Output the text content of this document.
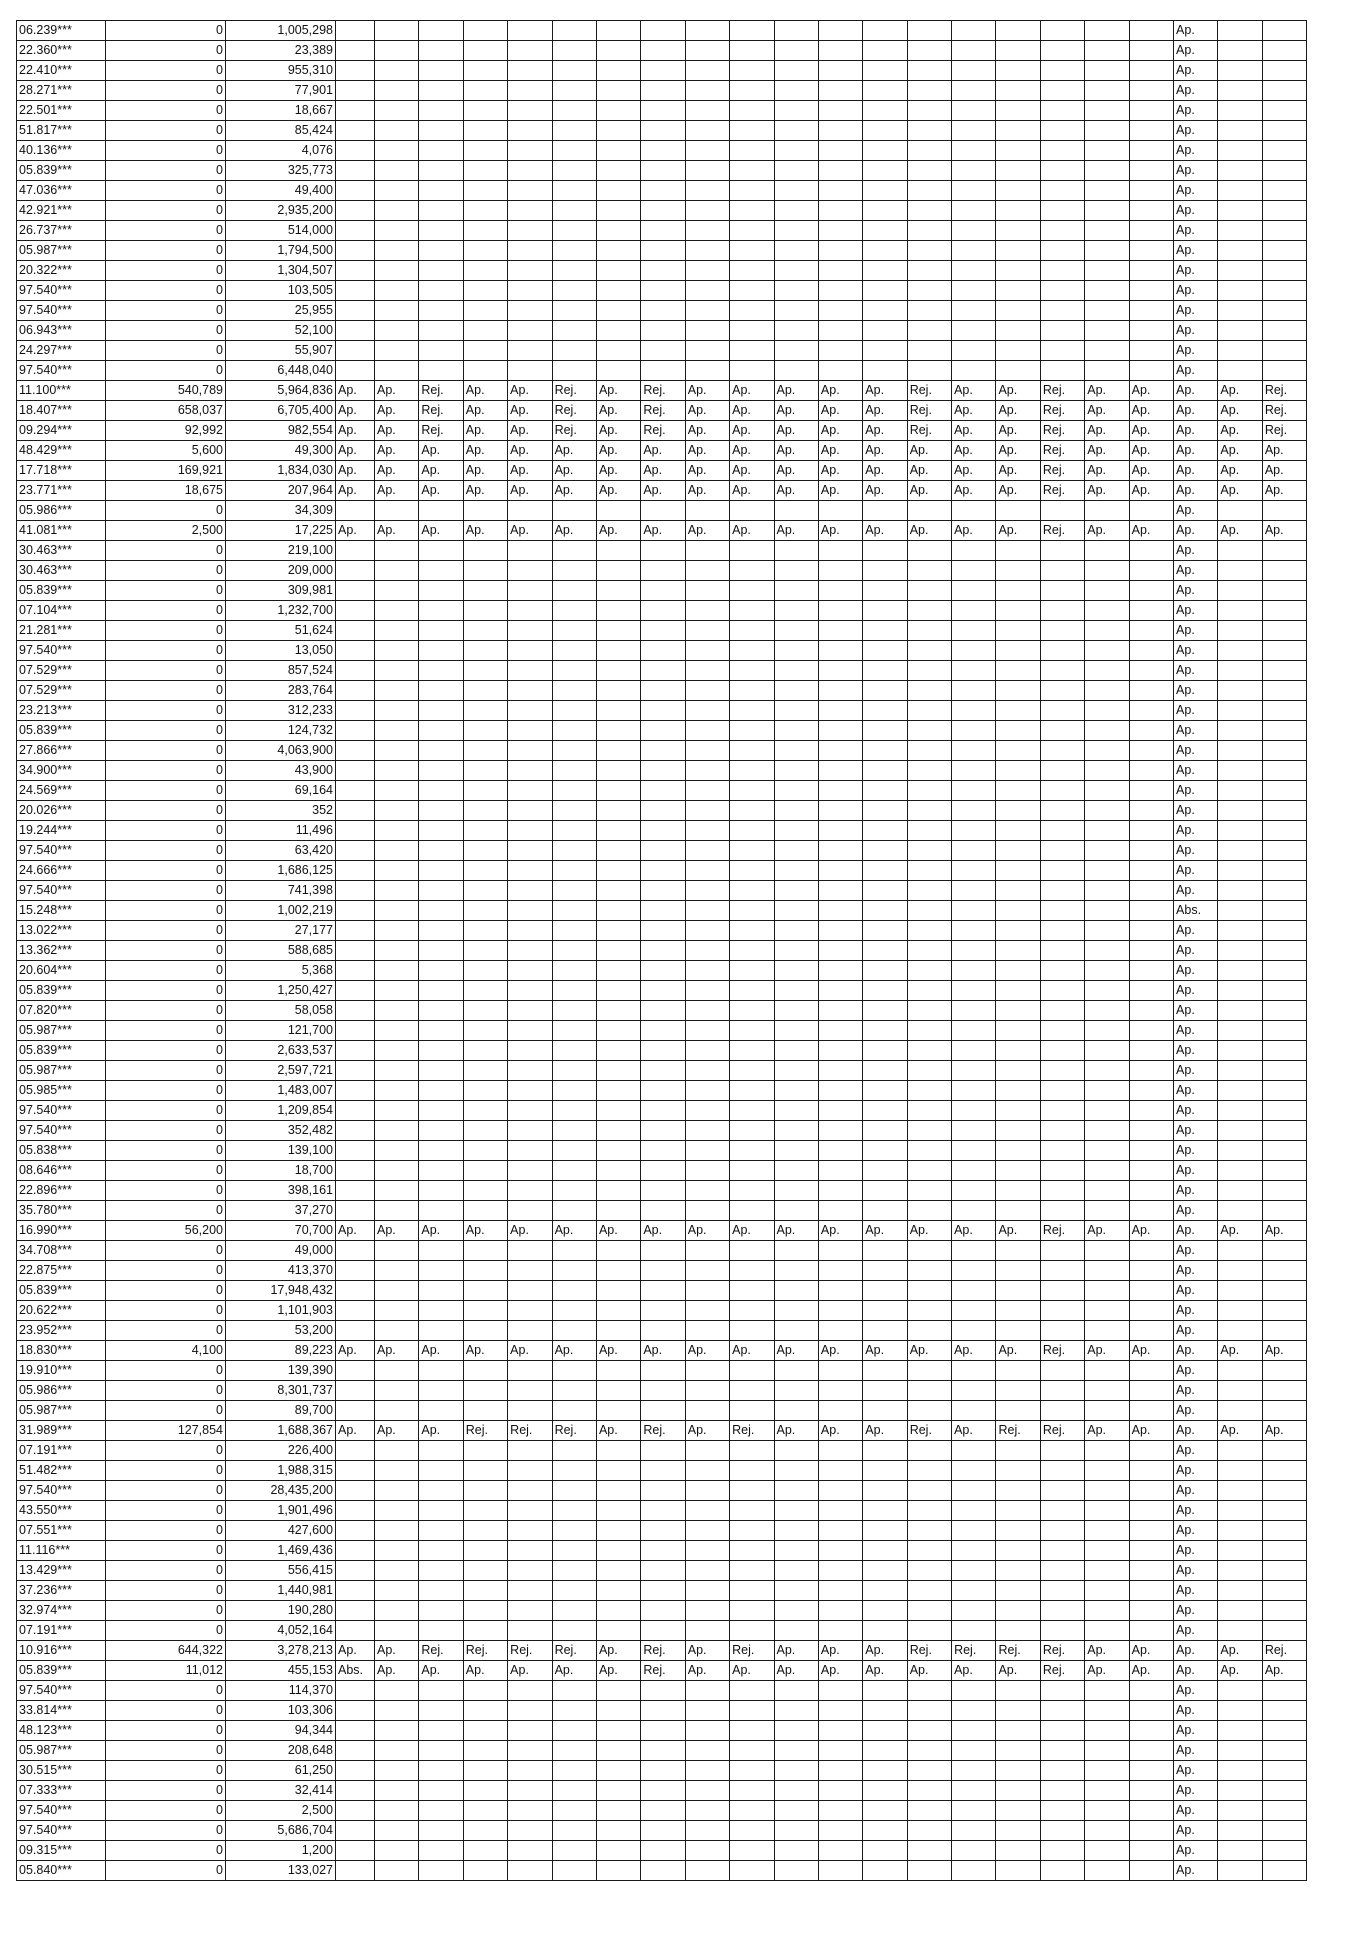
06.239***	0	1,005,298																				Ap.		
22.360***	0	23,389																				Ap.		
22.410***	0	955,310																				Ap.		
28.271***	0	77,901																				Ap.		
22.501***	0	18,667																				Ap.		
51.817***	0	85,424																				Ap.		
40.136***	0	4,076																				Ap.		
05.839***	0	325,773																				Ap.		
47.036***	0	49,400																				Ap.		
42.921***	0	2,935,200																				Ap.		
26.737***	0	514,000																				Ap.		
05.987***	0	1,794,500																				Ap.		
20.322***	0	1,304,507																				Ap.		
97.540***	0	103,505																				Ap.		
97.540***	0	25,955																				Ap.		
06.943***	0	52,100																				Ap.		
24.297***	0	55,907																				Ap.		
97.540***	0	6,448,040																				Ap.		
11.100***	540,789	5,964,836	Ap.	Ap.	Rej.	Ap.	Ap.	Rej.	Ap.	Rej.	Ap.	Ap.	Ap.	Ap.	Ap.	Rej.	Ap.	Ap.	Rej.	Ap.	Ap.	Ap.	Ap.	Rej.
18.407***	658,037	6,705,400	Ap.	Ap.	Rej.	Ap.	Ap.	Rej.	Ap.	Rej.	Ap.	Ap.	Ap.	Ap.	Ap.	Rej.	Ap.	Ap.	Rej.	Ap.	Ap.	Ap.	Ap.	Rej.
09.294***	92,992	982,554	Ap.	Ap.	Rej.	Ap.	Ap.	Rej.	Ap.	Rej.	Ap.	Ap.	Ap.	Ap.	Ap.	Rej.	Ap.	Ap.	Rej.	Ap.	Ap.	Ap.	Ap.	Rej.
48.429***	5,600	49,300	Ap.	Ap.	Ap.	Ap.	Ap.	Ap.	Ap.	Ap.	Ap.	Ap.	Ap.	Ap.	Ap.	Ap.	Ap.	Ap.	Rej.	Ap.	Ap.	Ap.	Ap.	Ap.
17.718***	169,921	1,834,030	Ap.	Ap.	Ap.	Ap.	Ap.	Ap.	Ap.	Ap.	Ap.	Ap.	Ap.	Ap.	Ap.	Ap.	Ap.	Ap.	Rej.	Ap.	Ap.	Ap.	Ap.	Ap.
23.771***	18,675	207,964	Ap.	Ap.	Ap.	Ap.	Ap.	Ap.	Ap.	Ap.	Ap.	Ap.	Ap.	Ap.	Ap.	Ap.	Ap.	Ap.	Rej.	Ap.	Ap.	Ap.	Ap.	Ap.
05.986***	0	34,309																				Ap.		
41.081***	2,500	17,225	Ap.	Ap.	Ap.	Ap.	Ap.	Ap.	Ap.	Ap.	Ap.	Ap.	Ap.	Ap.	Ap.	Ap.	Ap.	Ap.	Rej.	Ap.	Ap.	Ap.	Ap.	Ap.
30.463***	0	219,100																				Ap.		
30.463***	0	209,000																				Ap.		
05.839***	0	309,981																				Ap.		
07.104***	0	1,232,700																				Ap.		
21.281***	0	51,624																				Ap.		
97.540***	0	13,050																				Ap.		
07.529***	0	857,524																				Ap.		
07.529***	0	283,764																				Ap.		
23.213***	0	312,233																				Ap.		
05.839***	0	124,732																				Ap.		
27.866***	0	4,063,900																				Ap.		
34.900***	0	43,900																				Ap.		
24.569***	0	69,164																				Ap.		
20.026***	0	352																				Ap.		
19.244***	0	11,496																				Ap.		
97.540***	0	63,420																				Ap.		
24.666***	0	1,686,125																				Ap.		
97.540***	0	741,398																				Ap.		
15.248***	0	1,002,219																				Abs.		
13.022***	0	27,177																				Ap.		
13.362***	0	588,685																				Ap.		
20.604***	0	5,368																				Ap.		
05.839***	0	1,250,427																				Ap.		
07.820***	0	58,058																				Ap.		
05.987***	0	121,700																				Ap.		
05.839***	0	2,633,537																				Ap.		
05.987***	0	2,597,721																				Ap.		
05.985***	0	1,483,007																				Ap.		
97.540***	0	1,209,854																				Ap.		
97.540***	0	352,482																				Ap.		
05.838***	0	139,100																				Ap.		
08.646***	0	18,700																				Ap.		
22.896***	0	398,161																				Ap.		
35.780***	0	37,270																				Ap.		
16.990***	56,200	70,700	Ap.	Ap.	Ap.	Ap.	Ap.	Ap.	Ap.	Ap.	Ap.	Ap.	Ap.	Ap.	Ap.	Ap.	Ap.	Ap.	Rej.	Ap.	Ap.	Ap.	Ap.	Ap.
34.708***	0	49,000																				Ap.		
22.875***	0	413,370																				Ap.		
05.839***	0	17,948,432																				Ap.		
20.622***	0	1,101,903																				Ap.		
23.952***	0	53,200																				Ap.		
18.830***	4,100	89,223	Ap.	Ap.	Ap.	Ap.	Ap.	Ap.	Ap.	Ap.	Ap.	Ap.	Ap.	Ap.	Ap.	Ap.	Ap.	Ap.	Rej.	Ap.	Ap.	Ap.	Ap.	Ap.
19.910***	0	139,390																				Ap.		
05.986***	0	8,301,737																				Ap.		
05.987***	0	89,700																				Ap.		
31.989***	127,854	1,688,367	Ap.	Ap.	Ap.	Rej.	Rej.	Rej.	Ap.	Rej.	Ap.	Rej.	Ap.	Ap.	Ap.	Rej.	Ap.	Rej.	Rej.	Ap.	Ap.	Ap.	Ap.	Ap.
07.191***	0	226,400																				Ap.		
51.482***	0	1,988,315																				Ap.		
97.540***	0	28,435,200																				Ap.		
43.550***	0	1,901,496																				Ap.		
07.551***	0	427,600																				Ap.		
11.116***	0	1,469,436																				Ap.		
13.429***	0	556,415																				Ap.		
37.236***	0	1,440,981																				Ap.		
32.974***	0	190,280																				Ap.		
07.191***	0	4,052,164																				Ap.		
10.916***	644,322	3,278,213	Ap.	Ap.	Rej.	Rej.	Rej.	Rej.	Ap.	Rej.	Ap.	Rej.	Ap.	Ap.	Ap.	Rej.	Rej.	Rej.	Rej.	Ap.	Ap.	Ap.	Ap.	Rej.
05.839***	11,012	455,153	Abs.	Ap.	Ap.	Ap.	Ap.	Ap.	Ap.	Rej.	Ap.	Ap.	Ap.	Ap.	Ap.	Ap.	Ap.	Ap.	Rej.	Ap.	Ap.	Ap.	Ap.	Ap.
97.540***	0	114,370																				Ap.		
33.814***	0	103,306																				Ap.		
48.123***	0	94,344																				Ap.		
05.987***	0	208,648																				Ap.		
30.515***	0	61,250																				Ap.		
07.333***	0	32,414																				Ap.		
97.540***	0	2,500																				Ap.		
97.540***	0	5,686,704																				Ap.		
09.315***	0	1,200																				Ap.		
05.840***	0	133,027																				Ap.		
